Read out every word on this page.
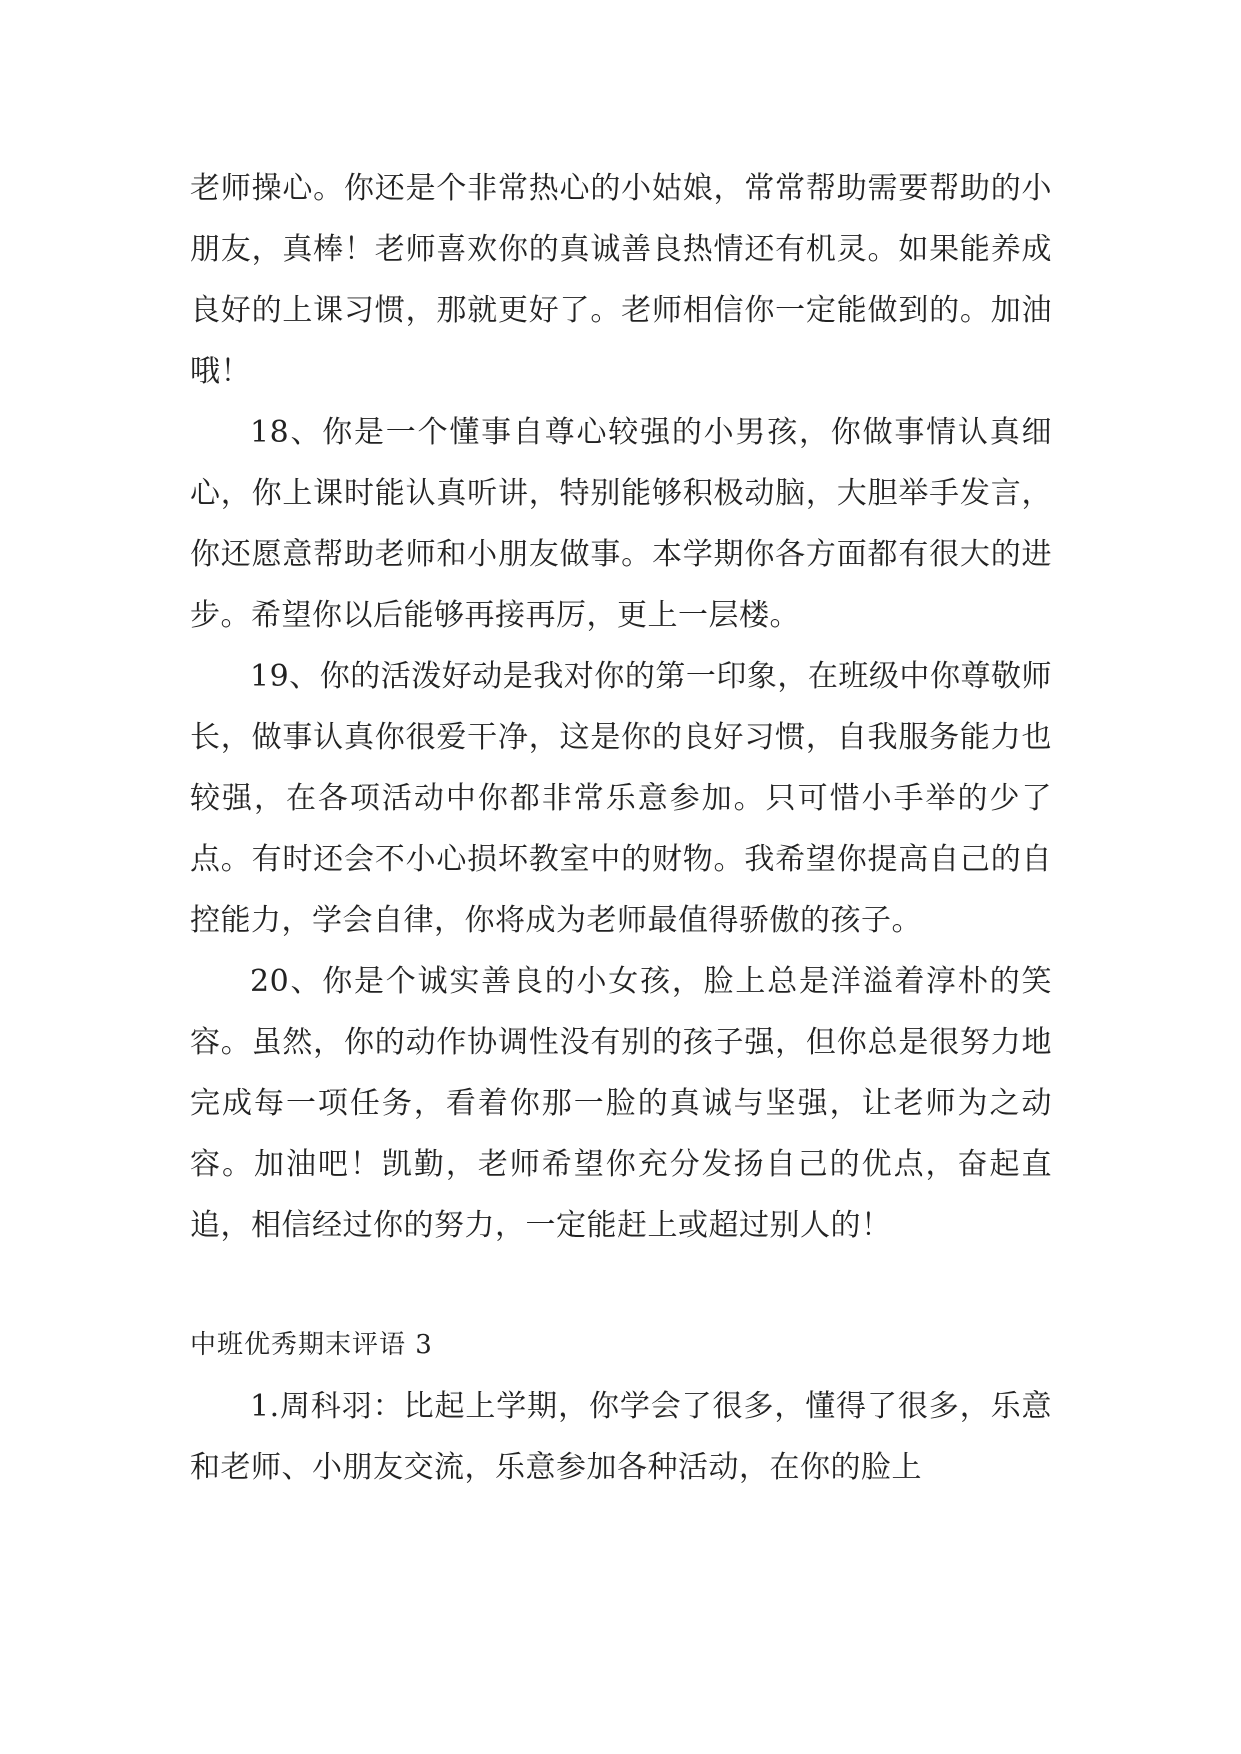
老师操心。你还是个非常热心的小姑娘，常常帮助需要帮助的小朋友，真棒！老师喜欢你的真诚善良热情还有机灵。如果能养成良好的上课习惯，那就更好了。老师相信你一定能做到的。加油哦！

18、你是一个懂事自尊心较强的小男孩，你做事情认真细心，你上课时能认真听讲，特别能够积极动脑，大胆举手发言，你还愿意帮助老师和小朋友做事。本学期你各方面都有很大的进步。希望你以后能够再接再厉，更上一层楼。

19、你的活泼好动是我对你的第一印象，在班级中你尊敬师长，做事认真你很爱干净，这是你的良好习惯，自我服务能力也较强，在各项活动中你都非常乐意参加。只可惜小手举的少了点。有时还会不小心损坏教室中的财物。我希望你提高自己的自控能力，学会自律，你将成为老师最值得骄傲的孩子。

20、你是个诚实善良的小女孩，脸上总是洋溢着淳朴的笑容。虽然，你的动作协调性没有别的孩子强，但你总是很努力地完成每一项任务，看着你那一脸的真诚与坚强，让老师为之动容。加油吧！凯勤，老师希望你充分发扬自己的优点，奋起直追，相信经过你的努力，一定能赶上或超过别人的！

中班优秀期末评语 3

1.周科羽：比起上学期，你学会了很多，懂得了很多，乐意和老师、小朋友交流，乐意参加各种活动，在你的脸上
